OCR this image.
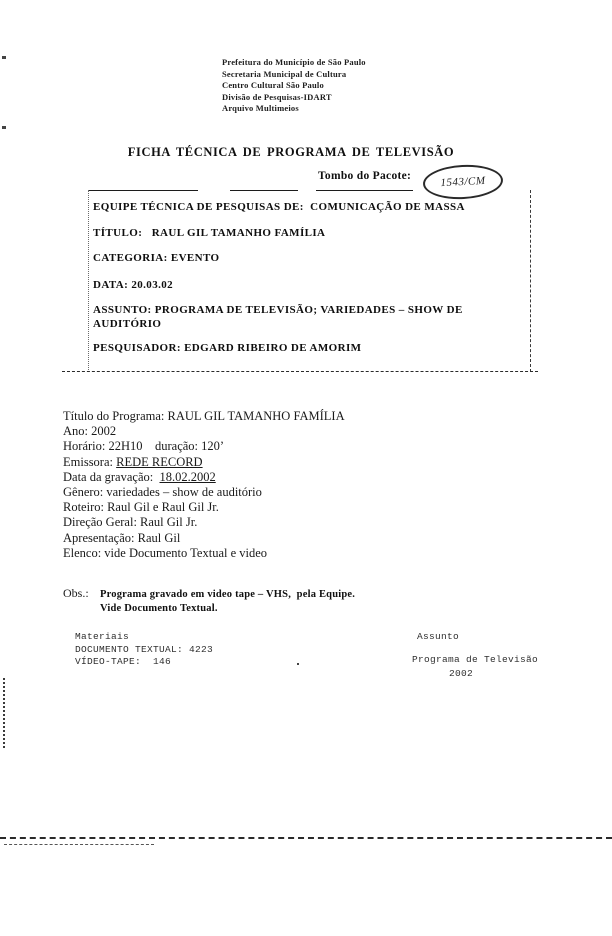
Prefeitura do Município de São Paulo
Secretaria Municipal de Cultura
Centro Cultural São Paulo
Divisão de Pesquisas-IDART
Arquivo Multimeios
FICHA TÉCNICA DE PROGRAMA DE TELEVISÃO
Tombo do Pacote:	1543/CM
EQUIPE TÉCNICA DE PESQUISAS DE:  COMUNICAÇÃO DE MASSA
TÍTULO:   RAUL GIL TAMANHO FAMÍLIA
CATEGORIA: EVENTO
DATA: 20.03.02
ASSUNTO: PROGRAMA DE TELEVISÃO; VARIEDADES – SHOW DE
AUDITÓRIO
PESQUISADOR: EDGARD RIBEIRO DE AMORIM
Título do Programa: RAUL GIL TAMANHO FAMÍLIA
Ano: 2002
Horário: 22H10    duração: 120’
Emissora: REDE RECORD
Data da gravação:  18.02.2002
Gênero: variedades – show de auditório
Roteiro: Raul Gil e Raul Gil Jr.
Direção Geral: Raul Gil Jr.
Apresentação: Raul Gil
Elenco: vide Documento Textual e video
Obs.: Programa gravado em video tape – VHS,  pela Equipe.
Vide Documento Textual.
Materiais
DOCUMENTO TEXTUAL: 4223
VÍDEO-TAPE:  146
Assunto
Programa de Televisão
2002
